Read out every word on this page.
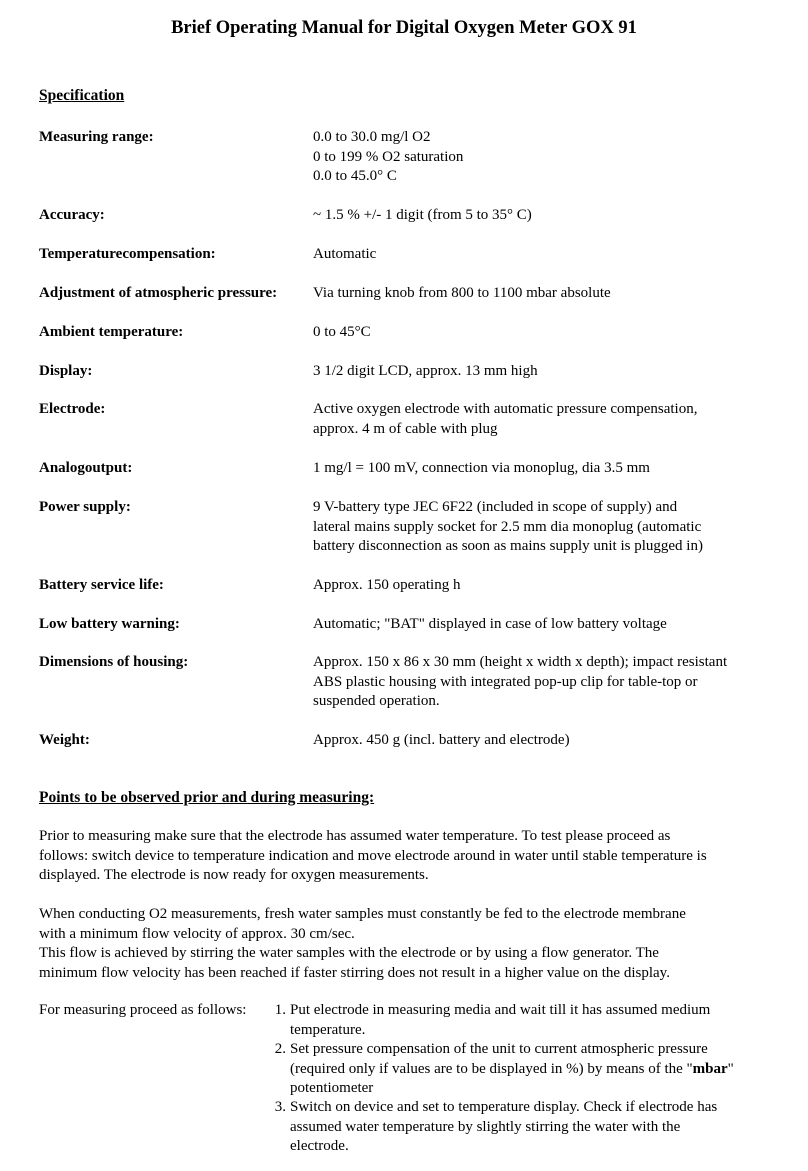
Brief Operating Manual for Digital Oxygen Meter GOX 91
Specification
Measuring range:	0.0 to 30.0 mg/l O2
0 to 199 % O2 saturation
0.0 to 45.0° C
Accuracy:	~ 1.5 % +/- 1 digit (from 5 to 35° C)
Temperaturecompensation:	Automatic
Adjustment of atmospheric pressure: Via turning knob from 800 to 1100 mbar absolute
Ambient temperature:	0 to 45°C
Display:	3 1/2 digit LCD, approx. 13 mm high
Electrode:	Active oxygen electrode with automatic pressure compensation,
approx. 4 m of cable with plug
Analogoutput:	1 mg/l = 100 mV, connection via monoplug, dia 3.5 mm
Power supply:	9 V-battery type JEC 6F22 (included in scope of supply) and
lateral mains supply socket for 2.5 mm dia monoplug (automatic
battery disconnection as soon as mains supply unit is plugged in)
Battery service life:	Approx. 150 operating h
Low battery warning:	Automatic; "BAT" displayed in case of low battery voltage
Dimensions of housing:	Approx. 150 x 86 x 30 mm (height x width x depth); impact resistant
ABS plastic housing with integrated pop-up clip for table-top or
suspended operation.
Weight:	Approx. 450 g (incl. battery and electrode)
Points to be observed prior and during measuring:
Prior to measuring make sure that the electrode has assumed water temperature. To test please proceed as
follows: switch device to temperature indication and move electrode around in water until stable temperature is
displayed. The electrode is now ready for oxygen measurements.
When conducting O2 measurements, fresh water samples must constantly be fed to the electrode membrane
with a minimum flow velocity of approx. 30 cm/sec.
This flow is achieved by stirring the water samples with the electrode or by using a flow generator. The
minimum flow velocity has been reached if faster stirring does not result in a higher value on the display.
For measuring proceed as follows:	1. Put electrode in measuring media and wait till it has assumed medium
temperature.
2. Set pressure compensation of the unit to current atmospheric pressure
(required only if values are to be displayed in %) by means of the "mbar"
potentiometer
3. Switch on device and set to temperature display. Check if electrode has
assumed water temperature by slightly stirring the water with the
electrode.
